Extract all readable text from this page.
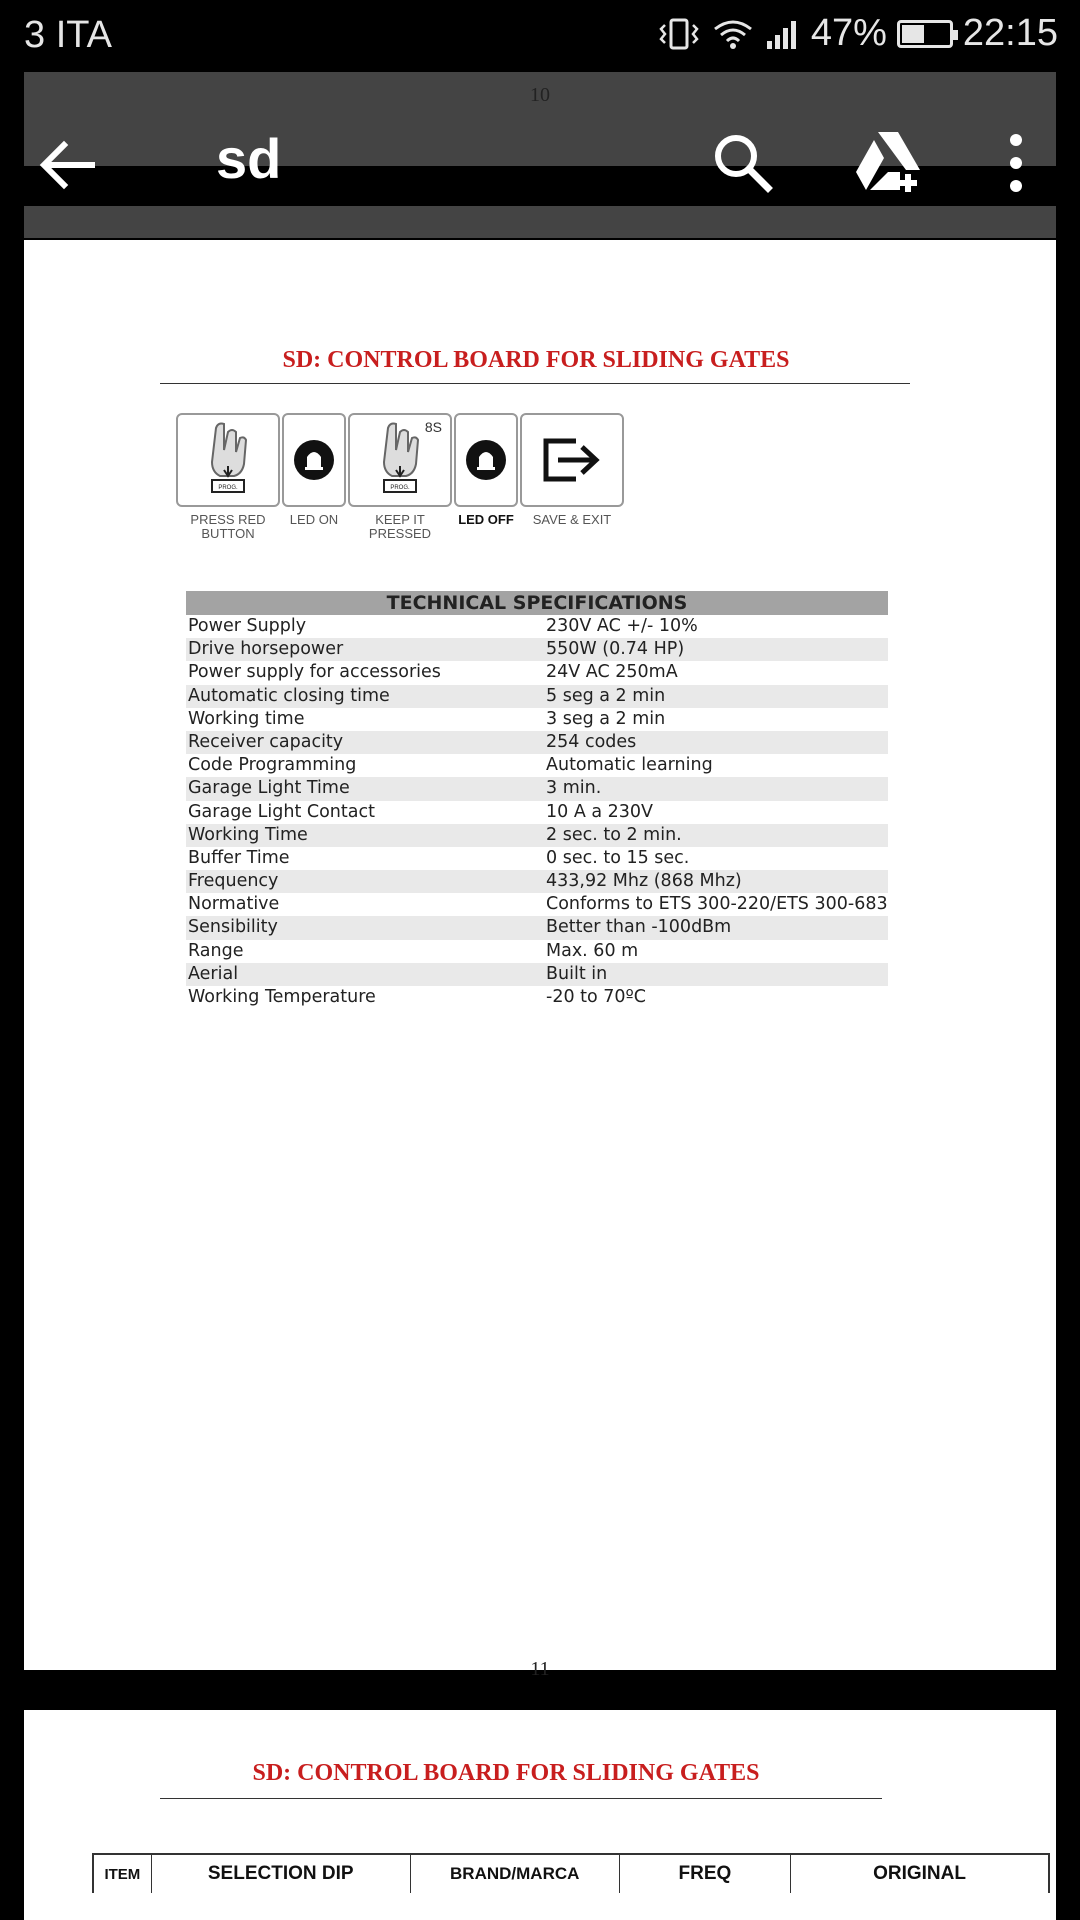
3 ITA	47% 22:15
10
sd
SD: CONTROL BOARD FOR SLIDING GATES
PROG.
PRESS RED BUTTON
LED ON
8S
PROG.
KEEP IT PRESSED
LED OFF SAVE & EXIT
TECHNICAL SPECIFICATIONS
Power Supply	230V AC +/- 10%
Drive horsepower	550W (0.74 HP)
Power supply for accessories	24V AC 250mA
Automatic closing time	5 seg a 2 min
Working time	3 seg a 2 min
Receiver capacity	254 codes
Code Programming	Automatic learning
Garage Light Time	3 min.
Garage Light Contact	10 A a 230V
Working Time	2 sec. to 2 min.
Buffer Time	0 sec. to 15 sec.
Frequency	433,92 Mhz (868 Mhz)
Normative	Conforms to ETS 300-220/ETS 300-683
Sensibility	Better than -100dBm
Range	Max. 60 m
Aerial	Built in
Working Temperature	-20 to 70ºC
11
SD: CONTROL BOARD FOR SLIDING GATES
ITEM	SELECTION DIP	BRAND/MARCA	FREQ	ORIGINAL
